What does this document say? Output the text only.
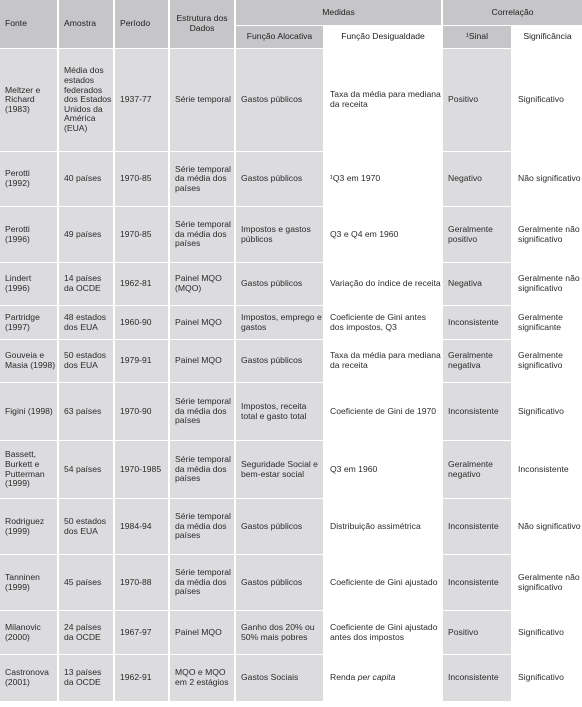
Fonte	Amostra	Período	Estrutura dos Dados	Medidas		Correlação	
				Função Alocativa	Função Desigualdade	¹Sinal	Significância
Meltzer e Richard (1983)	Média dos estados federados dos Estados Unidos da América (EUA)	1937-77	Série temporal	Gastos públicos	Taxa da média para mediana da receita	Positivo	Significativo
Perotti (1992)	40 países	1970-85	Série temporal da média dos países	Gastos públicos	¹Q3 em 1970	Negativo	Não significativo
Perotti (1996)	49 países	1970-85	Série temporal da média dos países	Impostos e gastos públicos	Q3 e Q4 em 1960	Geralmente positivo	Geralmente não significativo
Lindert (1996)	14 países da OCDE	1962-81	Painel MQO (MQO)	Gastos públicos	Variação do índice de receita	Negativa	Geralmente não significativo
Partridge (1997)	48 estados dos EUA	1960-90	Painel MQO	Impostos, emprego e gastos	Coeficiente de Gini antes dos impostos, Q3	Inconsistente	Geralmente significante
Gouveia e Masia (1998)	50 estados dos EUA	1979-91	Painel MQO	Gastos públicos	Taxa da média para mediana da receita	Geralmente negativa	Geralmente significativo
Figini (1998)	63 países	1970-90	Série temporal da média dos países	Impostos, receita total e gasto total	Coeficiente de Gini de 1970	Inconsistente	Significativo
Bassett, Burkett e Putterman (1999)	54 países	1970-1985	Série temporal da média dos países	Seguridade Social e bem-estar social	Q3 em 1960	Geralmente negativo	Inconsistente
Rodriguez (1999)	50 estados dos EUA	1984-94	Série temporal da média dos países	Gastos públicos	Distribuição assimétrica	Inconsistente	Não significativo
Tanninen (1999)	45 países	1970-88	Série temporal da média dos países	Gastos públicos	Coeficiente de Gini ajustado	Inconsistente	Geralmente não significativo
Milanovic (2000)	24 países da OCDE	1967-97	Painel MQO	Ganho dos 20% ou 50% mais pobres	Coeficiente de Gini ajustado antes dos impostos	Positivo	Significativo
Castronova (2001)	13 países da OCDE	1962-91	MQO e MQO em 2 estágios	Gastos Sociais	Renda per capita	Inconsistente	Significativo
